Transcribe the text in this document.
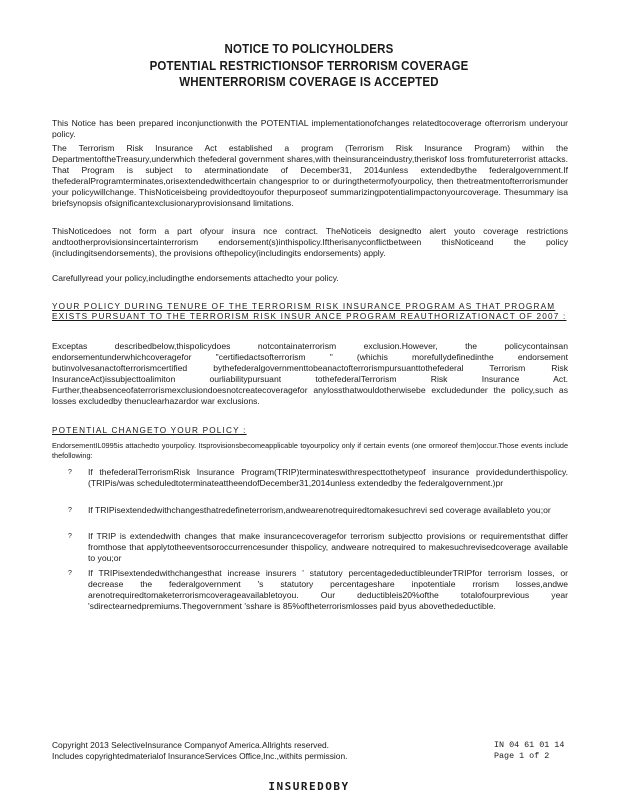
NOTICE TO POLICYHOLDERS
POTENTIAL RESTRICTIONSOF TERRORISM COVERAGE
WHENTERRORISM COVERAGE IS ACCEPTED

This Notice has been prepared inconjunctionwith the POTENTIAL implementationofchanges relatedtocoverage ofterrorism underyour policy.

The Terrorism Risk Insurance Act established a program (Terrorism Risk Insurance Program) within the DepartmentoftheTreasury,underwhich thefederal government shares,with theinsuranceindustry,theriskof loss fromfutureterrorist attacks. That Program is subject to aterminationdate of December31, 2014unless extendedbythe federalgovernment.If thefederalProgramterminates,orisextendedwithcertain changesprior to or duringthetermofyourpolicy, then thetreatmentofterrorismunder your policywillchange. ThisNoticeisbeing providedtoyoufor thepurposeof summarizingpotentialimpactonyourcoverage. Thesummary isa briefsynopsis ofsignificantexclusionaryprovisionsand limitations.

ThisNoticedoes not form a part ofyour insura nce contract. TheNoticeis designedto alert youto coverage restrictions andtootherprovisionsincertainterrorism endorsement(s)inthispolicy.Iftherisanyconflictbetween thisNoticeand the policy (includingitsendorsements), the provisions ofthepolicy(includingits endorsements) apply.

Carefullyread your policy,includingthe endorsements attachedto your policy.

YOUR POLICY DURING TENURE OF THE TERRORISM RISK INSURANCE PROGRAM AS THAT PROGRAM EXISTS PURSUANT TO THE TERRORISM RISK INSUR ANCE PROGRAM REAUTHORIZATIONACT OF 2007 :

Exceptas describedbelow,thispolicydoes notcontainaterrorism exclusion.However, the policycontainsan endorsementunderwhichcoveragefor "certifiedactsofterrorism " (whichis morefullydefinedinthe endorsement butinvolvesanactofterrorismcertified bythefederalgovernmenttobeanactofterrorismpursuanttothefederal Terrorism Risk InsuranceAct)issubjecttoalimiton ourliabilitypursuant tothefederalTerrorism Risk Insurance Act. Further,theabsenceofaterrorismexclusiondoesnotcreatecoveragefor anylossthatwouldotherwisebe excludedunder the policy,such as losses excludedby thenuclearhazardor war exclusions.

POTENTIAL CHANGETO YOUR POLICY :

EndorsementIL0995is attachedto yourpolicy. Itsprovisionsbecomeapplicable toyourpolicy only if certain events (one ormoreof them)occur.Those events include thefollowing:

? If thefederalTerrorismRisk Insurance Program(TRIP)terminateswithrespecttothetypeof insurance providedunderthispolicy.(TRIPis/was scheduledtoterminateattheendofDecember31,2014unless extendedby the federalgovernment.)pr
? If TRIPisextendedwithchangesthatredefineterrorism,andwearenotrequiredtomakesuchrevi sed coverage availableto you;or
? If TRIP is extendedwith changes that make insurancecoveragefor terrorism subjectto provisions or requirementsthat differ fromthose that applytotheeventsoroccurrencesunder thispolicy, andweare notrequired to makesuchrevisedcoverage available to you;or
? If TRIPisextendedwithchangesthat increase insurers ' statutory percentagedeductibleunderTRIPfor terrorism losses, or decrease the federalgovernment 's statutory percentageshare inpotentiale rrorism losses,andwe arenotrequiredtomaketerrorismcoverageavailabletoyou. Our deductibleis20%ofthe totalofourprevious year 'sdirectearnedpremiums.Thegovernment 'sshare is 85%oftheterrorismlosses paid byus abovethedeductible.
Copyright 2013 SelectiveInsurance Companyof America.Allrights reserved.
Includes copyrightedmaterialof InsuranceServices Office,Inc.,withits permission.
IN 04 61 01 14
Page 1 of 2
INSUREDOBY
